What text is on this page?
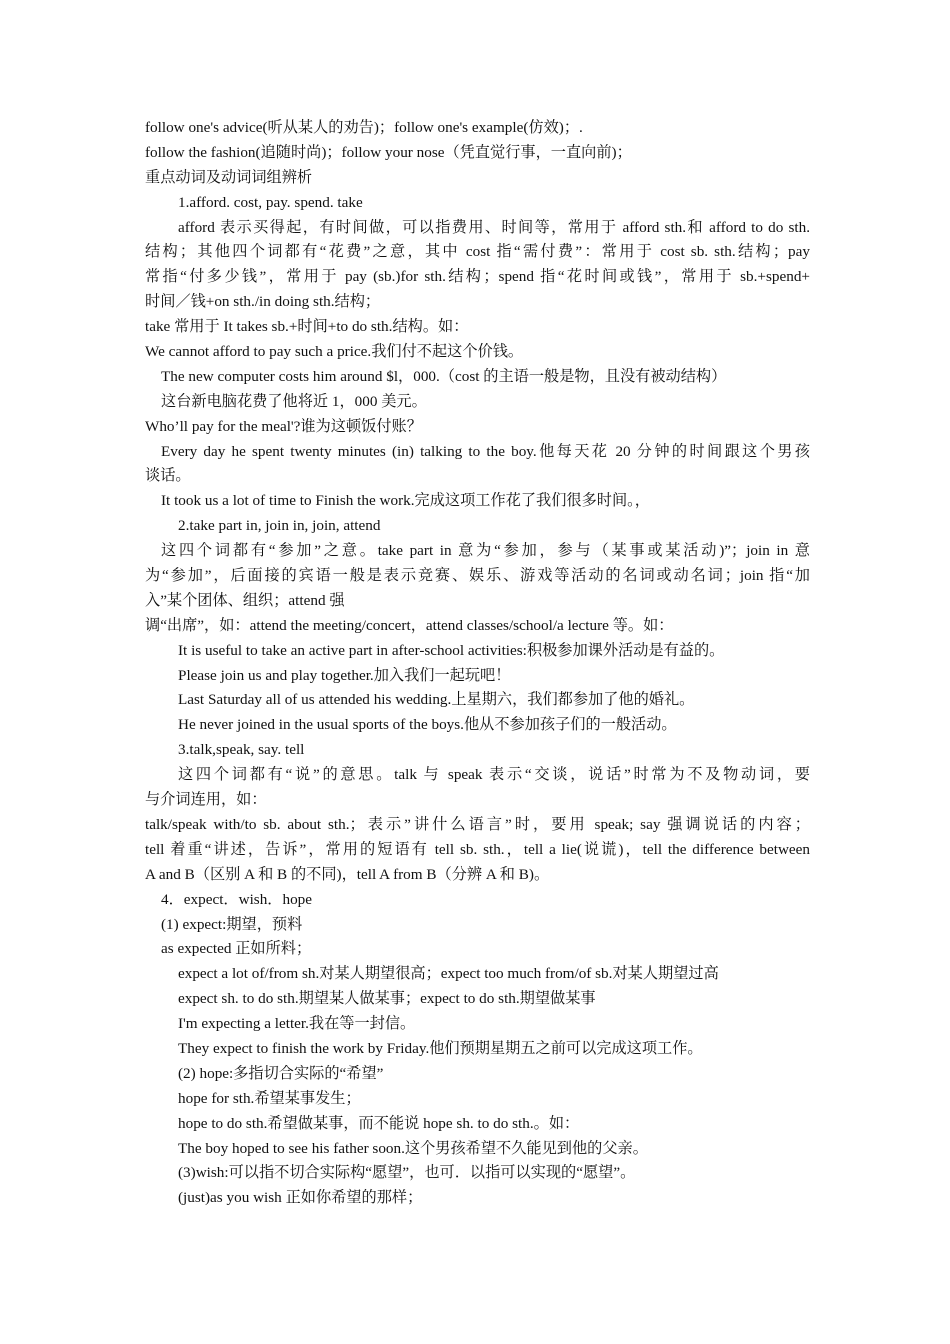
follow one's advice(听从某人的劝告)；follow one's example(仿效)；.
follow the fashion(追随时尚)；follow your nose（凭直觉行事，一直向前)；
重点动词及动词词组辨析
1.afford. cost, pay. spend. take
afford 表示买得起，有时间做，可以指费用、时间等，常用于 afford sth.和 afford to do sth.
结构；其他四个词都有“花费”之意，其中 cost 指“需付费”：常用于 cost sb. sth.结构；pay
常指“付多少钱”，常用于 pay (sb.)for sth.结构；spend 指“花时间或钱”，常用于 sb.+spend+
时间／钱+on sth./in doing sth.结构；
take 常用于 It takes sb.+时间+to do sth.结构。如：
We cannot afford to pay such a price.我们付不起这个价钱。
The new computer costs him around $l，000.（cost 的主语一般是物，且没有被动结构）
这台新电脑花费了他将近 1，000 美元。
Who’ll pay for the meal'?谁为这顿饭付账？
Every day he spent twenty minutes (in) talking to the boy.他每天花 20 分钟的时间跟这个男孩
谈话。
It took us a lot of time to Finish the work.完成这项工作花了我们很多时间。，
2.take part in, join in, join, attend
这四个词都有“参加”之意。take part in 意为“参加，参与（某事或某活动)”；join in 意
为“参加”，后面接的宾语一般是表示竞赛、娱乐、游戏等活动的名词或动名词；join 指“加
入”某个团体、组织；attend 强
调“出席”，如：attend the meeting/concert，attend classes/school/a lecture 等。如：
It is useful to take an active part in after-school activities:积极参加课外活动是有益的。
Please join us and play together.加入我们一起玩吧！
Last Saturday all of us attended his wedding.上星期六，我们都参加了他的婚礼。
He never joined in the usual sports of the boys.他从不参加孩子们的一般活动。
3.talk,speak, say. tell
这四个词都有“说”的意思。talk 与 speak 表示“交谈，说话”时常为不及物动词，要
与介词连用，如：
talk/speak with/to sb. about sth.；表示”讲什么语言”时，要用 speak; say 强调说话的内容；
tell 着重“讲述，告诉”，常用的短语有 tell sb. sth.，tell a lie(说谎)，tell the difference between
A and B（区别 A 和 B 的不同)，tell A from B（分辨 A 和 B)。
4．expect．wish．hope
(1) expect:期望，预料
as expected 正如所料；
expect a lot of/from sh.对某人期望很高；expect too much from/of sb.对某人期望过高
expect sh. to do sth.期望某人做某事；expect to do sth.期望做某事
I'm expecting a letter.我在等一封信。
They expect to finish the work by Friday.他们预期星期五之前可以完成这项工作。
(2) hope:多指切合实际的“希望”
hope for sth.希望某事发生；
hope to do sth.希望做某事，而不能说 hope sh. to do sth.。如：
The boy hoped to see his father soon.这个男孩希望不久能见到他的父亲。
(3)wish:可以指不切合实际构“愿望”，也可．以指可以实现的“愿望”。
(just)as you wish 正如你希望的那样；
